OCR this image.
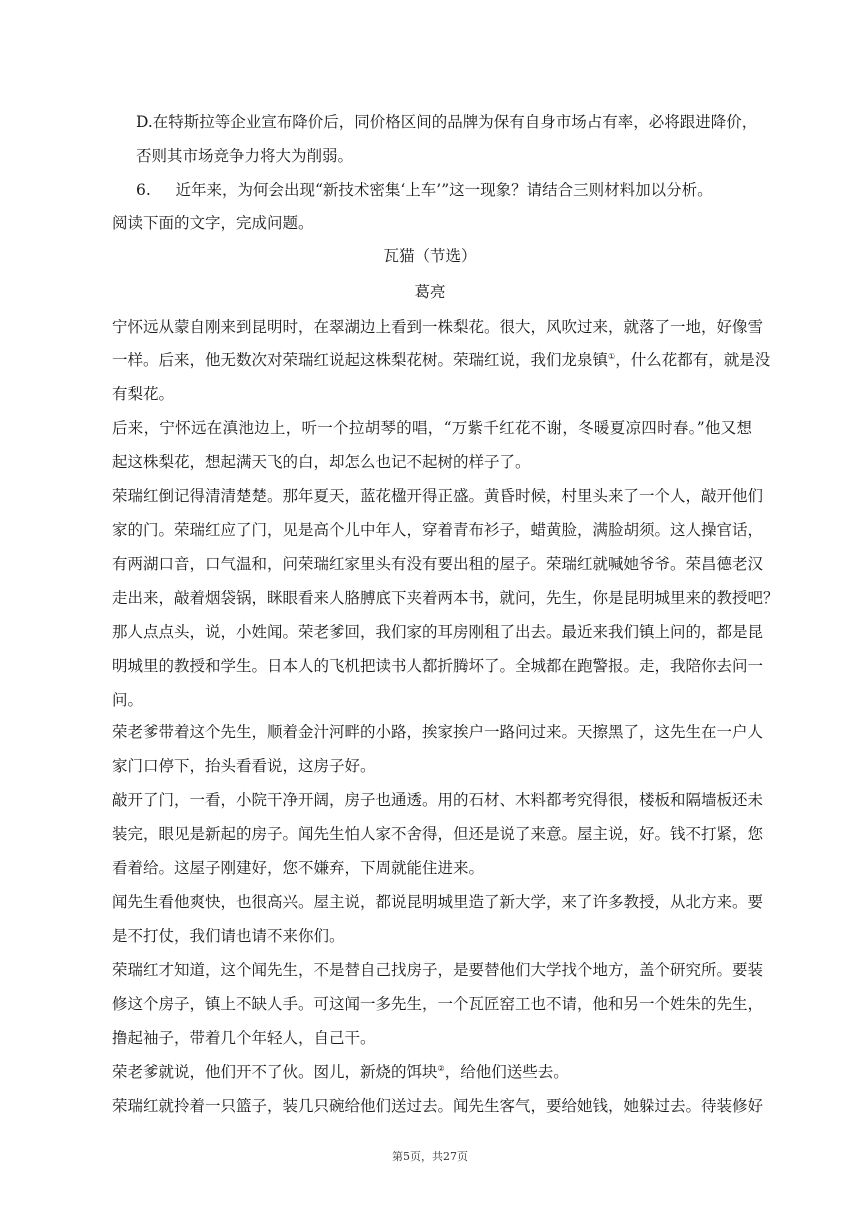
D.在特斯拉等企业宣布降价后，同价格区间的品牌为保有自身市场占有率，必将跟进降价，
否则其市场竞争力将大为削弱。
6. 近年来，为何会出现“新技术密集‘上车’”这一现象？请结合三则材料加以分析。
阅读下面的文字，完成问题。
瓦猫（节选）
葛亮
宁怀远从蒙自刚来到昆明时，在翠湖边上看到一株梨花。很大，风吹过来，就落了一地，好像雪
一样。后来，他无数次对荣瑞红说起这株梨花树。荣瑞红说，我们龙泉镇①，什么花都有，就是没
有梨花。
后来，宁怀远在滇池边上，听一个拉胡琴的唱，“万紫千红花不谢，冬暖夏凉四时春。”他又想
起这株梨花，想起满天飞的白，却怎么也记不起树的样子了。
荣瑞红倒记得清清楚楚。那年夏天，蓝花楹开得正盛。黄昏时候，村里头来了一个人，敲开他们
家的门。荣瑞红应了门，见是高个儿中年人，穿着青布衫子，蜡黄脸，满脸胡须。这人操官话，
有两湖口音，口气温和，问荣瑞红家里头有没有要出租的屋子。荣瑞红就喊她爷爷。荣昌德老汉
走出来，敲着烟袋锅，眯眼看来人胳膊底下夹着两本书，就问，先生，你是昆明城里来的教授吧？
那人点点头，说，小姓闻。荣老爹回，我们家的耳房刚租了出去。最近来我们镇上问的，都是昆
明城里的教授和学生。日本人的飞机把读书人都折腾坏了。全城都在跑警报。走，我陪你去问一
问。
荣老爹带着这个先生，顺着金汁河畔的小路，挨家挨户一路问过来。天擦黑了，这先生在一户人
家门口停下，抬头看看说，这房子好。
敲开了门，一看，小院干净开阔，房子也通透。用的石材、木料都考究得很，楼板和隔墙板还未
装完，眼见是新起的房子。闻先生怕人家不舍得，但还是说了来意。屋主说，好。钱不打紧，您
看着给。这屋子刚建好，您不嫌弃，下周就能住进来。
闻先生看他爽快，也很高兴。屋主说，都说昆明城里造了新大学，来了许多教授，从北方来。要
是不打仗，我们请也请不来你们。
荣瑞红才知道，这个闻先生，不是替自己找房子，是要替他们大学找个地方，盖个研究所。要装
修这个房子，镇上不缺人手。可这闻一多先生，一个瓦匠窑工也不请，他和另一个姓朱的先生，
撸起袖子，带着几个年轻人，自己干。
荣老爹就说，他们开不了伙。囡儿，新烧的饵块②，给他们送些去。
荣瑞红就拎着一只篮子，装几只碗给他们送过去。闻先生客气，要给她钱，她躲过去。待装修好
第5页，共27页
